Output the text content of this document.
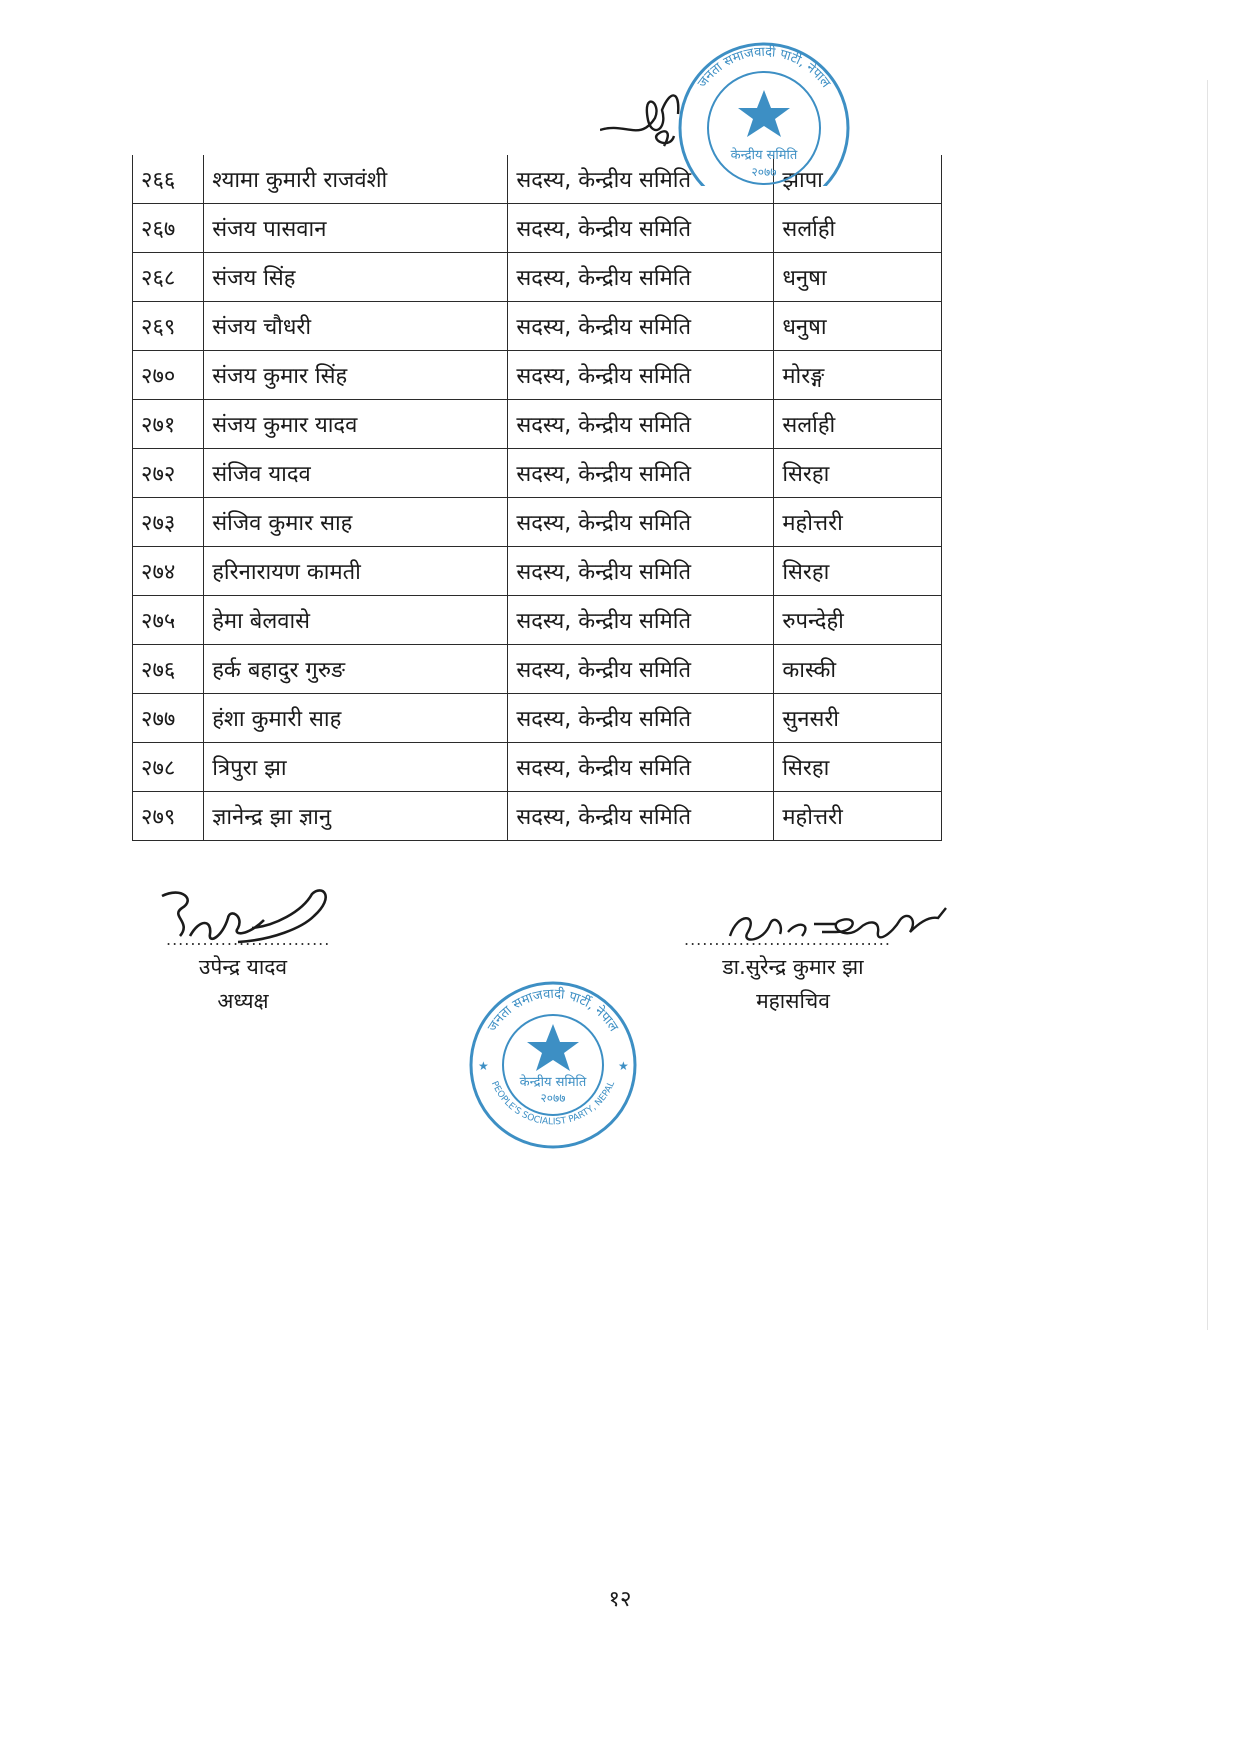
२६६	श्यामा कुमारी राजवंशी	सदस्य, केन्द्रीय समिति	झापा
२६७	संजय पासवान	सदस्य, केन्द्रीय समिति	सर्लाही
२६८	संजय सिंह	सदस्य, केन्द्रीय समिति	धनुषा
२६९	संजय चौधरी	सदस्य, केन्द्रीय समिति	धनुषा
२७०	संजय कुमार सिंह	सदस्य, केन्द्रीय समिति	मोरङ्ग
२७१	संजय कुमार यादव	सदस्य, केन्द्रीय समिति	सर्लाही
२७२	संजिव यादव	सदस्य, केन्द्रीय समिति	सिरहा
२७३	संजिव कुमार साह	सदस्य, केन्द्रीय समिति	महोत्तरी
२७४	हरिनारायण कामती	सदस्य, केन्द्रीय समिति	सिरहा
२७५	हेमा बेलवासे	सदस्य, केन्द्रीय समिति	रुपन्देही
२७६	हर्क बहादुर गुरुङ	सदस्य, केन्द्रीय समिति	कास्की
२७७	हंशा कुमारी साह	सदस्य, केन्द्रीय समिति	सुनसरी
२७८	त्रिपुरा झा	सदस्य, केन्द्रीय समिति	सिरहा
२७९	ज्ञानेन्द्र झा ज्ञानु	सदस्य, केन्द्रीय समिति	महोत्तरी
केन्द्रीय समिति
२०७७
जनता समाजवादी पार्टी, नेपाल
...........................
उपेन्द्र यादव
अध्यक्ष
..................................
डा.सुरेन्द्र कुमार झा
महासचिव
केन्द्रीय समिति
२०७७
जनता समाजवादी पार्टी, नेपाल
PEOPLE'S SOCIALIST PARTY, NEPAL
★	★
१२
